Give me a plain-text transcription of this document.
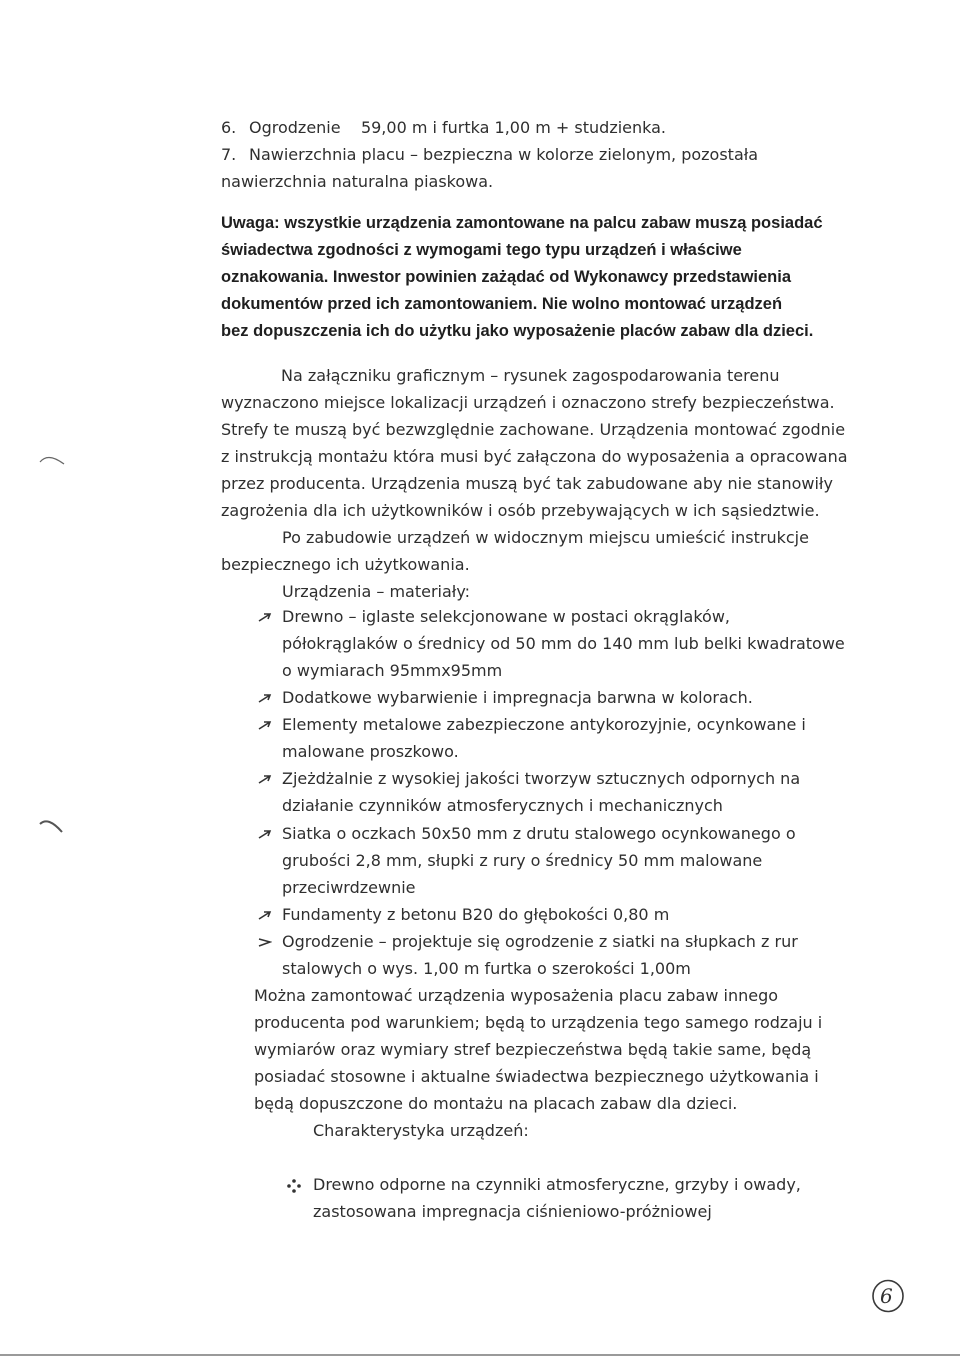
6. Ogrodzenie    59,00 m i furtka 1,00 m + studzienka.
7. Nawierzchnia placu – bezpieczna w kolorze zielonym, pozostała
nawierzchnia naturalna piaskowa.
Uwaga: wszystkie urządzenia zamontowane na palcu zabaw muszą posiadać
świadectwa zgodności z wymogami tego typu urządzeń i właściwe
oznakowania. Inwestor powinien zażądać od Wykonawcy przedstawienia
dokumentów przed ich zamontowaniem. Nie wolno montować urządzeń
bez dopuszczenia ich do użytku jako wyposażenie placów zabaw dla dzieci.
Na załączniku graficznym – rysunek zagospodarowania terenu
wyznaczono miejsce lokalizacji urządzeń i oznaczono strefy bezpieczeństwa.
Strefy te muszą być bezwzględnie zachowane. Urządzenia montować zgodnie
z instrukcją montażu która musi być załączona do wyposażenia a opracowana
przez producenta. Urządzenia muszą być tak zabudowane aby nie stanowiły
zagrożenia dla ich użytkowników i osób przebywających w ich sąsiedztwie.
Po zabudowie urządzeń w widocznym miejscu umieścić instrukcje
bezpiecznego ich użytkowania.
Urządzenia – materiały:
Drewno – iglaste selekcjonowane w postaci okrąglaków,
półokrąglaków o średnicy od 50 mm do 140 mm lub belki kwadratowe
o wymiarach 95mmx95mm
Dodatkowe wybarwienie i impregnacja barwna w kolorach.
Elementy metalowe zabezpieczone antykorozyjnie, ocynkowane i
malowane proszkowo.
Zjeżdżalnie z wysokiej jakości tworzyw sztucznych odpornych na
działanie czynników atmosferycznych i mechanicznych
Siatka o oczkach 50x50 mm z drutu stalowego ocynkowanego o
grubości 2,8 mm, słupki z rury o średnicy 50 mm malowane
przeciwrdzewnie
Fundamenty z betonu B20 do głębokości 0,80 m
Ogrodzenie – projektuje się ogrodzenie z siatki na słupkach z rur
stalowych o wys. 1,00 m furtka o szerokości 1,00m
Można zamontować urządzenia wyposażenia placu zabaw innego
producenta pod warunkiem; będą to urządzenia tego samego rodzaju i
wymiarów oraz wymiary stref bezpieczeństwa będą takie same, będą
posiadać stosowne i aktualne świadectwa bezpiecznego użytkowania i
będą dopuszczone do montażu na placach zabaw dla dzieci.
Charakterystyka urządzeń:
Drewno odporne na czynniki atmosferyczne, grzyby i owady,
zastosowana impregnacja ciśnieniowo-próżniowej
6
